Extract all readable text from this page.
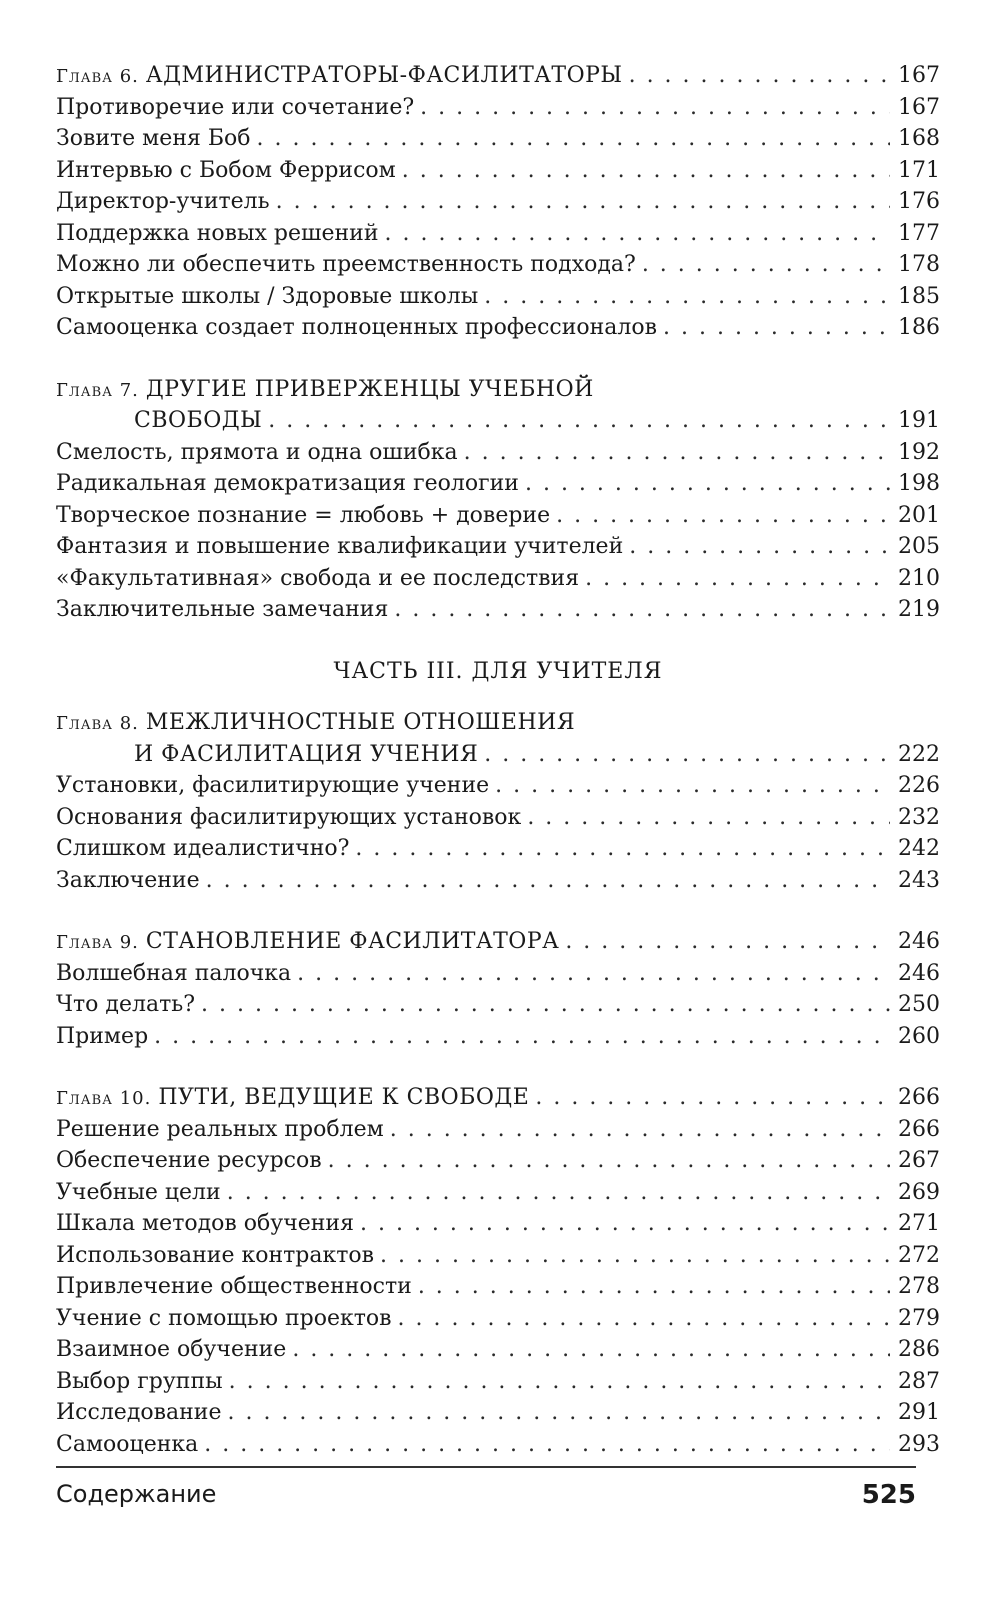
Глава 6. АДМИНИСТРАТОРЫ-ФАСИЛИТАТОРЫ . . .	167
Противоречие или сочетание? . . .	167
Зовите меня Боб . . .	168
Интервью с Бобом Феррисом . . .	171
Директор-учитель . . .	176
Поддержка новых решений . . .	177
Можно ли обеспечить преемственность подхода? . . .	178
Открытые школы / Здоровые школы . . .	185
Самооценка создает полноценных профессионалов . . .	186
Глава 7. ДРУГИЕ ПРИВЕРЖЕНЦЫ УЧЕБНОЙ
СВОБОДЫ . . .	191
Смелость, прямота и одна ошибка . . .	192
Радикальная демократизация геологии . . .	198
Творческое познание = любовь + доверие . . .	201
Фантазия и повышение квалификации учителей . . .	205
«Факультативная» свобода и ее последствия . . .	210
Заключительные замечания . . .	219
ЧАСТЬ III. ДЛЯ УЧИТЕЛЯ
Глава 8. МЕЖЛИЧНОСТНЫЕ ОТНОШЕНИЯ
И ФАСИЛИТАЦИЯ УЧЕНИЯ . . .	222
Установки, фасилитирующие учение . . .	226
Основания фасилитирующих установок . . .	232
Слишком идеалистично? . . .	242
Заключение . . .	243
Глава 9. СТАНОВЛЕНИЕ ФАСИЛИТАТОРА . . .	246
Волшебная палочка . . .	246
Что делать? . . .	250
Пример . . .	260
Глава 10. ПУТИ, ВЕДУЩИЕ К СВОБОДЕ . . .	266
Решение реальных проблем . . .	266
Обеспечение ресурсов . . .	267
Учебные цели . . .	269
Шкала методов обучения . . .	271
Использование контрактов . . .	272
Привлечение общественности . . .	278
Учение с помощью проектов . . .	279
Взаимное обучение . . .	286
Выбор группы . . .	287
Исследование . . .	291
Самооценка . . .	293
Содержание	525
